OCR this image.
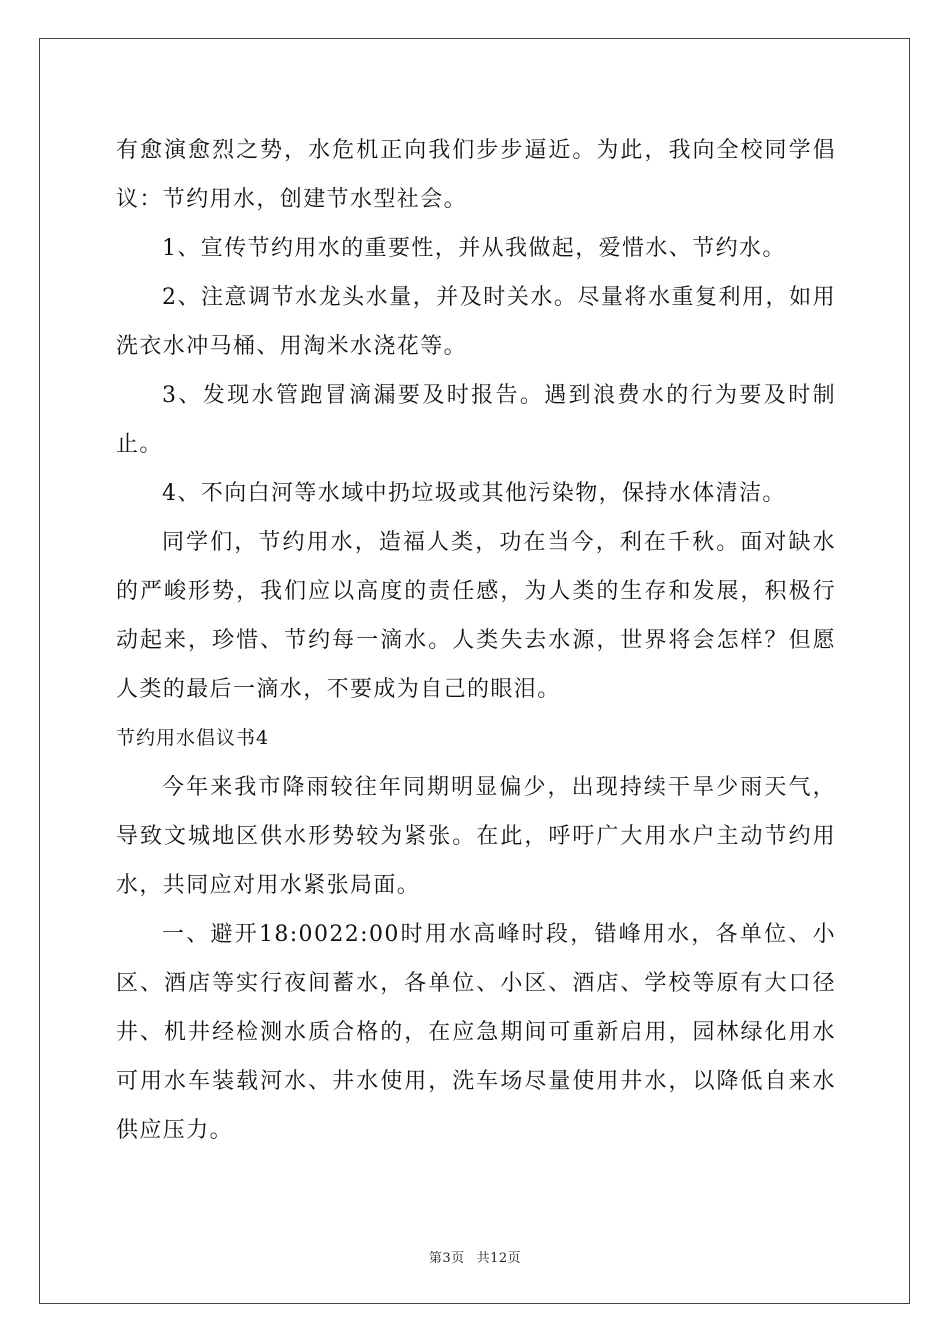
有愈演愈烈之势，水危机正向我们步步逼近。为此，我向全校同学倡议：节约用水，创建节水型社会。

1、宣传节约用水的重要性，并从我做起，爱惜水、节约水。

2、注意调节水龙头水量，并及时关水。尽量将水重复利用，如用洗衣水冲马桶、用淘米水浇花等。

3、发现水管跑冒滴漏要及时报告。遇到浪费水的行为要及时制止。

4、不向白河等水域中扔垃圾或其他污染物，保持水体清洁。

同学们，节约用水，造福人类，功在当今，利在千秋。面对缺水的严峻形势，我们应以高度的责任感，为人类的生存和发展，积极行动起来，珍惜、节约每一滴水。人类失去水源，世界将会怎样？但愿人类的最后一滴水，不要成为自己的眼泪。

节约用水倡议书4

今年来我市降雨较往年同期明显偏少，出现持续干旱少雨天气，导致文城地区供水形势较为紧张。在此，呼吁广大用水户主动节约用水，共同应对用水紧张局面。

一、避开18:0022:00时用水高峰时段，错峰用水，各单位、小区、酒店等实行夜间蓄水，各单位、小区、酒店、学校等原有大口径井、机井经检测水质合格的，在应急期间可重新启用，园林绿化用水可用水车装载河水、井水使用，洗车场尽量使用井水，以降低自来水供应压力。

第3页 共12页
